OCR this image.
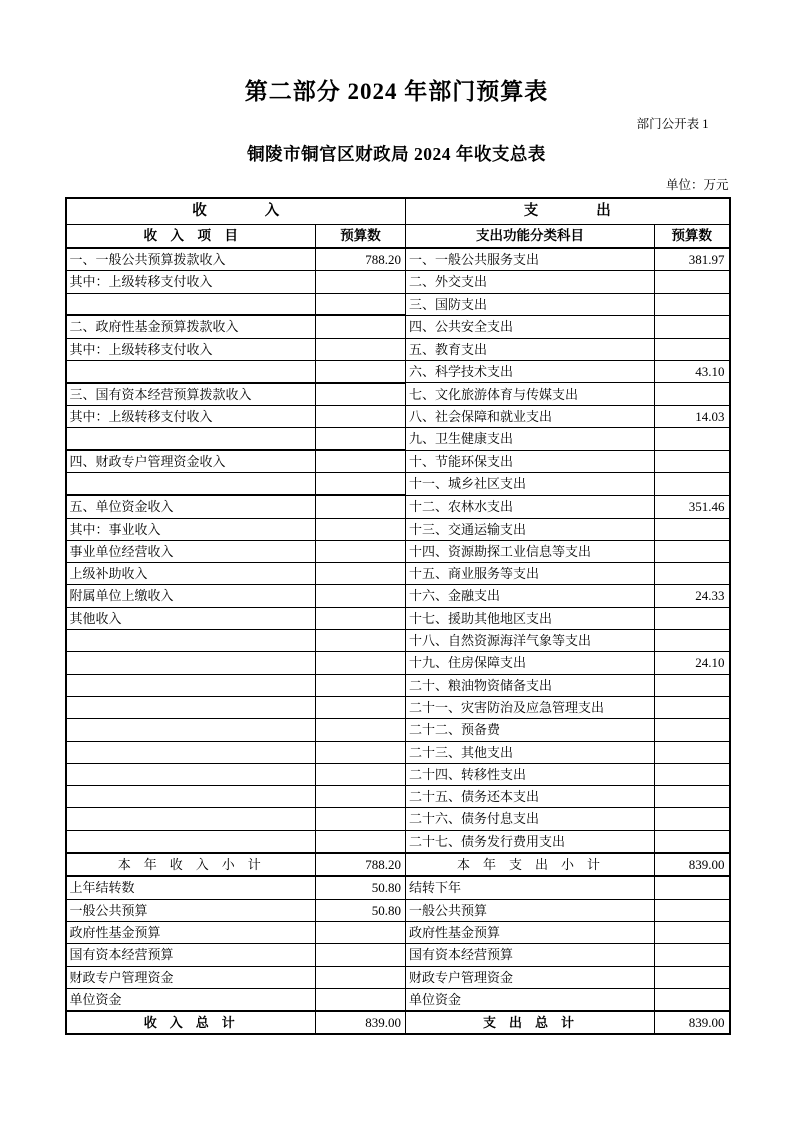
第二部分 2024 年部门预算表
部门公开表 1
铜陵市铜官区财政局 2024 年收支总表
单位：万元
收　　　　入		支　　　　出	
收　入　项　目	预算数	支出功能分类科目	预算数
一、一般公共预算拨款收入	788.20	一、一般公共服务支出	381.97
其中：上级转移支付收入		二、外交支出	
		三、国防支出	
二、政府性基金预算拨款收入		四、公共安全支出	
其中：上级转移支付收入		五、教育支出	
		六、科学技术支出	43.10
三、国有资本经营预算拨款收入		七、文化旅游体育与传媒支出	
其中：上级转移支付收入		八、社会保障和就业支出	14.03
		九、卫生健康支出	
四、财政专户管理资金收入		十、节能环保支出	
		十一、城乡社区支出	
五、单位资金收入		十二、农林水支出	351.46
其中：事业收入		十三、交通运输支出	
事业单位经营收入		十四、资源勘探工业信息等支出	
上级补助收入		十五、商业服务等支出	
附属单位上缴收入		十六、金融支出	24.33
其他收入		十七、援助其他地区支出	
		十八、自然资源海洋气象等支出	
		十九、住房保障支出	24.10
		二十、粮油物资储备支出	
		二十一、灾害防治及应急管理支出	
		二十二、预备费	
		二十三、其他支出	
		二十四、转移性支出	
		二十五、债务还本支出	
		二十六、债务付息支出	
		二十七、债务发行费用支出	
本　年　收　入　小　计	788.20	本　年　支　出　小　计	839.00
上年结转数	50.80	结转下年	
一般公共预算	50.80	一般公共预算	
政府性基金预算		政府性基金预算	
国有资本经营预算		国有资本经营预算	
财政专户管理资金		财政专户管理资金	
单位资金		单位资金	
收　入　总　计	839.00	支　出　总　计	839.00
